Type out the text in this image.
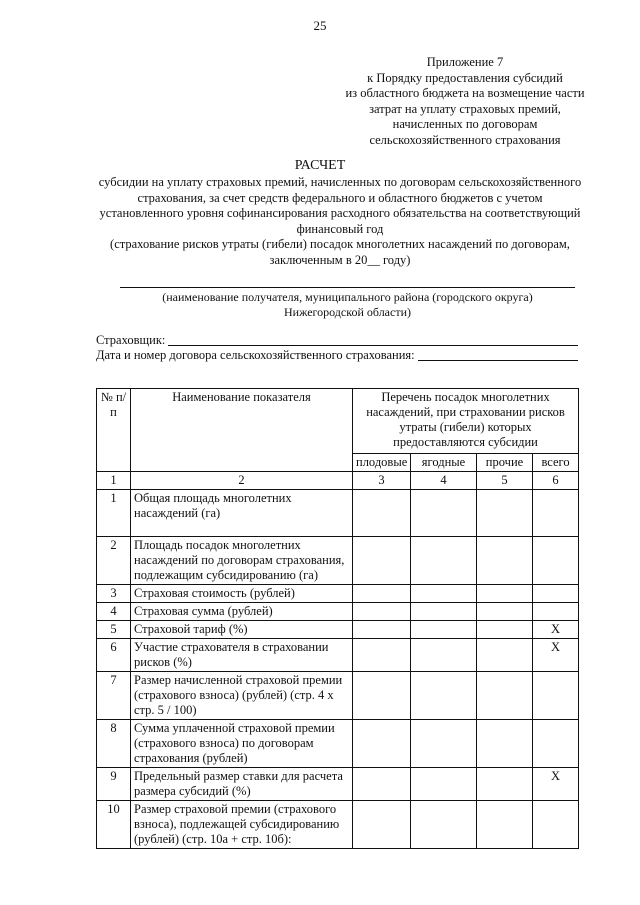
25
Приложение 7
к Порядку предоставления субсидий
из областного бюджета на возмещение части
затрат на уплату страховых премий,
начисленных по договорам
сельскохозяйственного страхования
РАСЧЕТ
субсидии на уплату страховых премий, начисленных по договорам сельскохозяйственного
страхования, за счет средств федерального и областного бюджетов с учетом
установленного уровня софинансирования расходного обязательства на соответствующий
финансовый год
(страхование рисков утраты (гибели) посадок многолетних насаждений по договорам,
заключенным в 20__ году)
(наименование получателя, муниципального района (городского округа)
Нижегородской области)
Страховщик:
Дата и номер договора сельскохозяйственного страхования:
№ п/п	Наименование показателя	Перечень посадок многолетних насаждений, при страховании рисков утраты (гибели) которых предоставляются субсидии			
		плодовые	ягодные	прочие	всего
1	2	3	4	5	6
1	Общая площадь многолетних насаждений (га)				
2	Площадь посадок многолетних насаждений по договорам страхования, подлежащим субсидированию (га)				
3	Страховая стоимость (рублей)				
4	Страховая сумма (рублей)				
5	Страховой тариф (%)				Х
6	Участие страхователя в страховании рисков (%)				Х
7	Размер начисленной страховой премии (страхового взноса) (рублей) (стр. 4 х стр. 5 / 100)				
8	Сумма уплаченной страховой премии (страхового взноса) по договорам страхования (рублей)				
9	Предельный размер ставки для расчета размера субсидий (%)				Х
10	Размер страховой премии (страхового взноса), подлежащей субсидированию (рублей) (стр. 10а + стр. 10б):				
